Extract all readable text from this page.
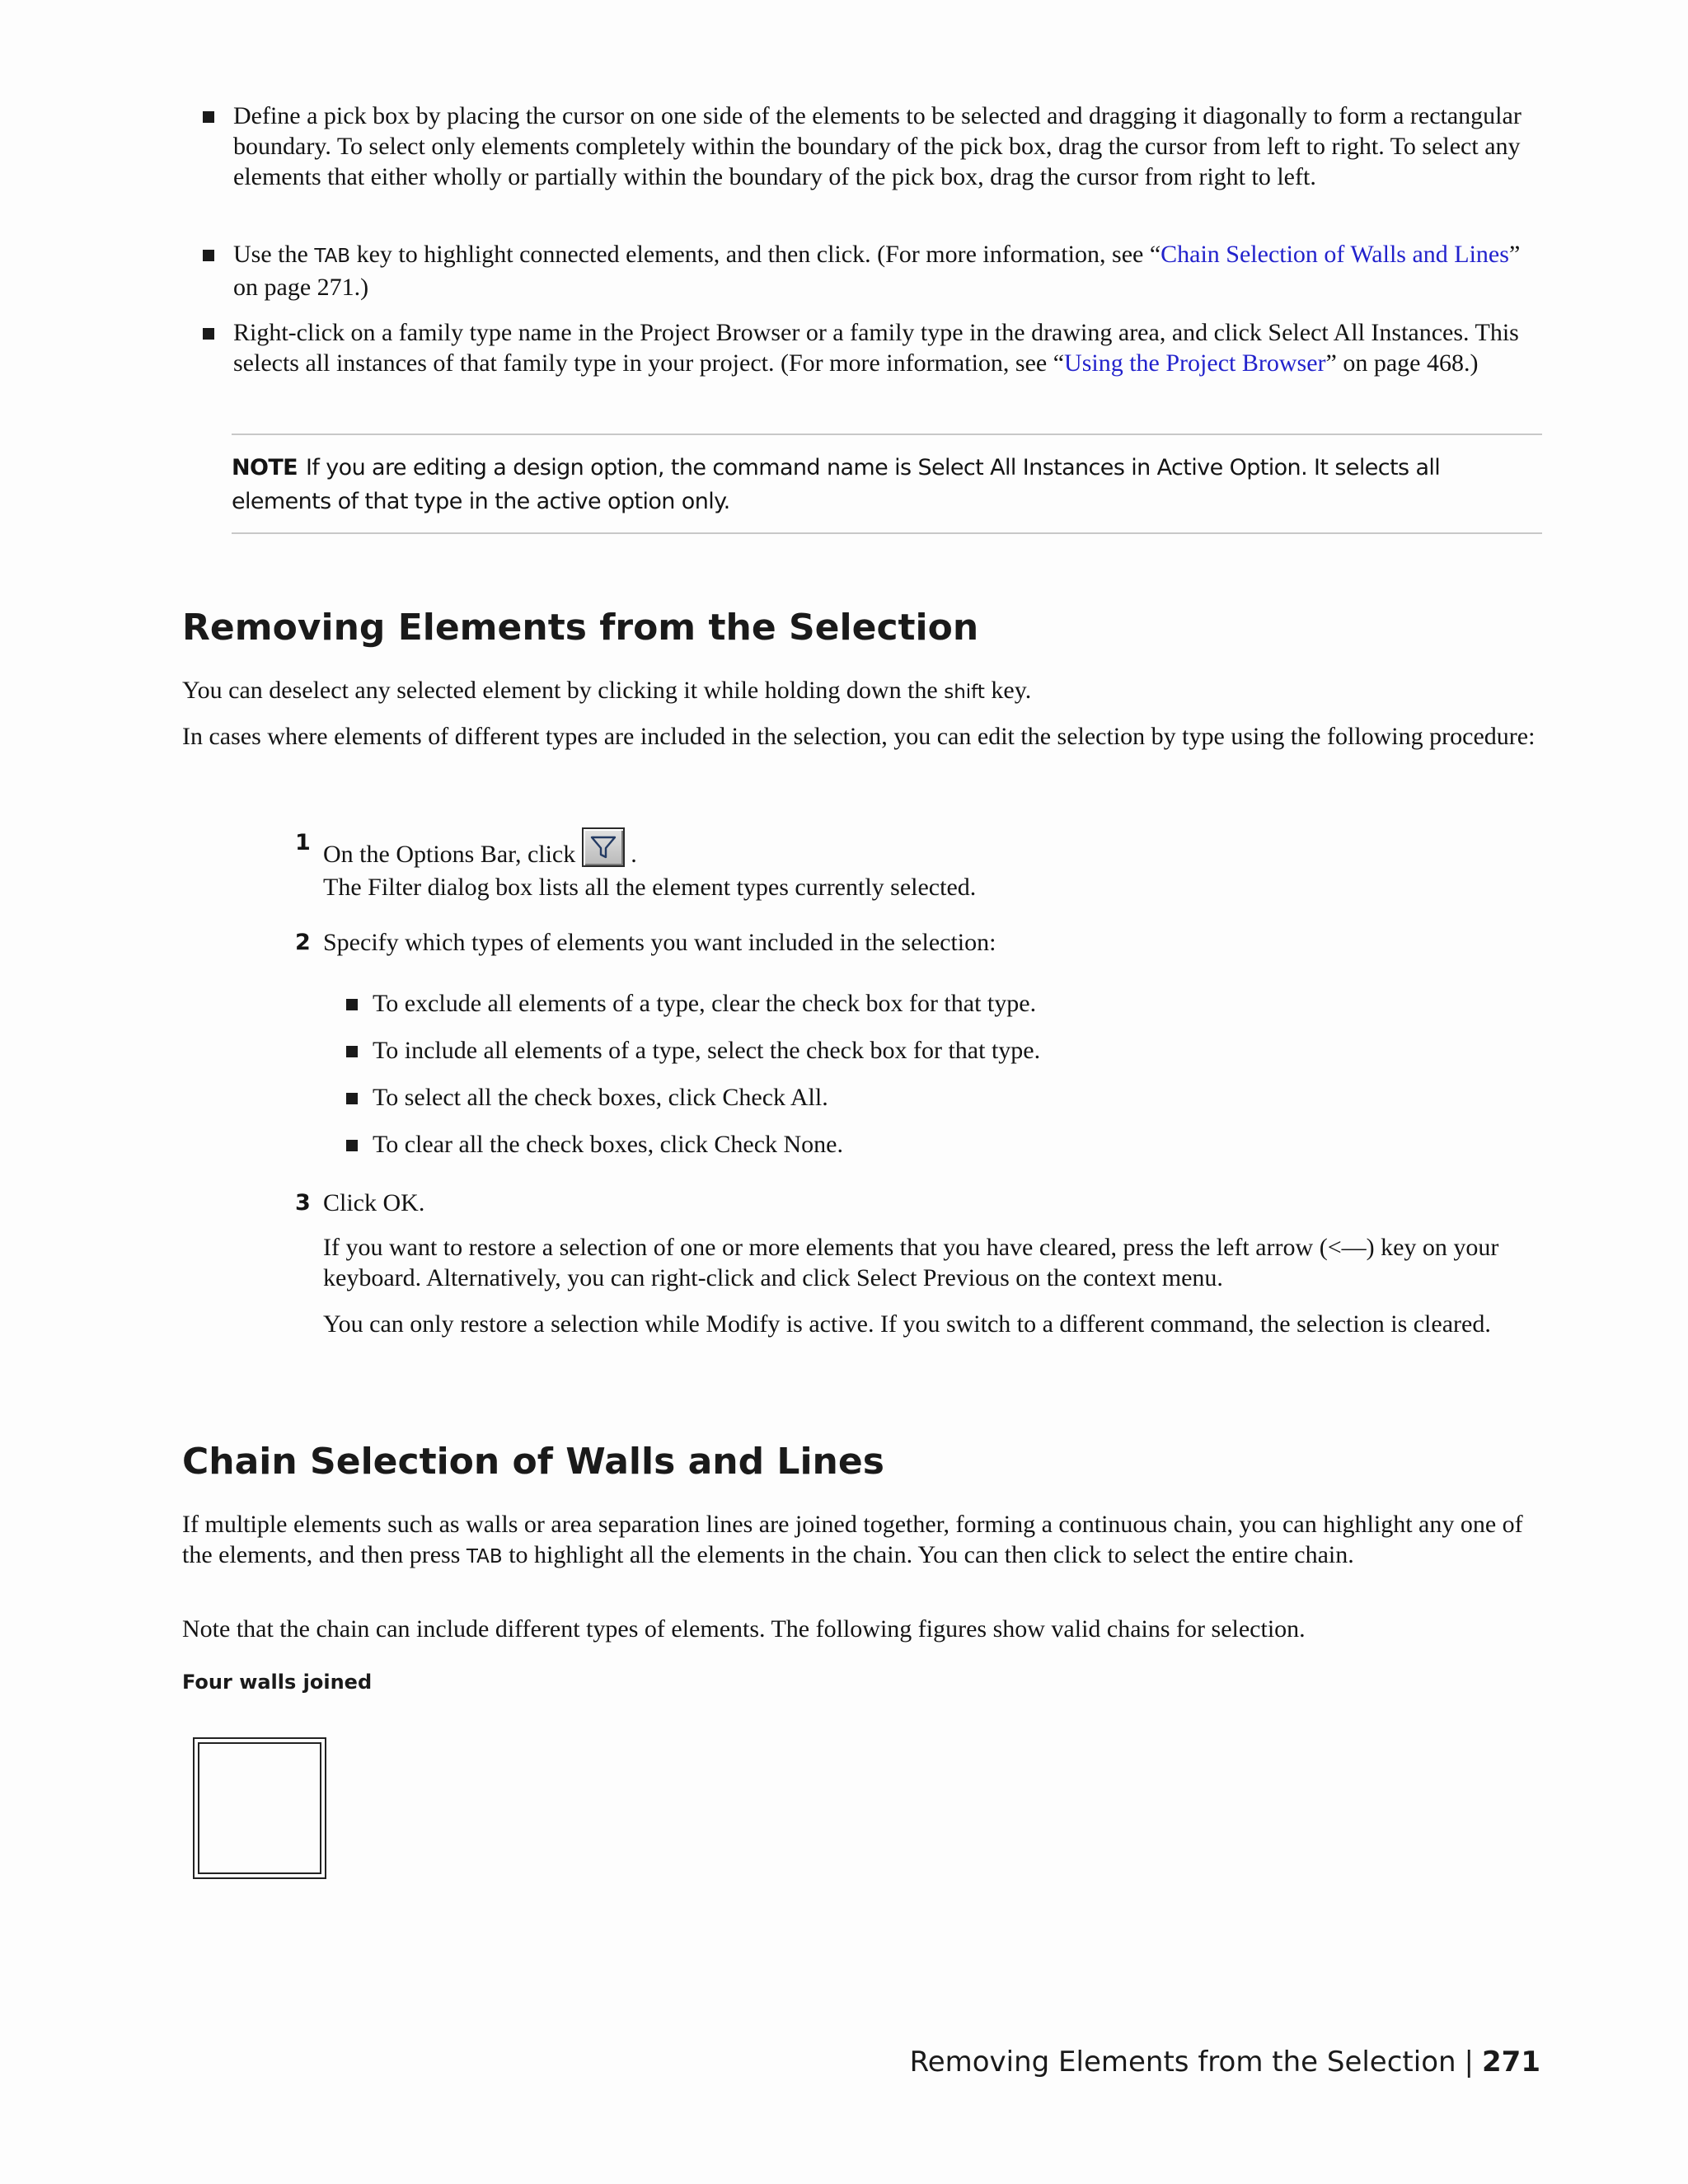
Define a pick box by placing the cursor on one side of the elements to be selected and dragging it diagonally to form a rectangular boundary. To select only elements completely within the boundary of the pick box, drag the cursor from left to right. To select any elements that either wholly or partially within the boundary of the pick box, drag the cursor from right to left.
Use the TAB key to highlight connected elements, and then click. (For more information, see “Chain Selection of Walls and Lines” on page 271.)
Right-click on a family type name in the Project Browser or a family type in the drawing area, and click Select All Instances. This selects all instances of that family type in your project. (For more information, see “Using the Project Browser” on page 468.)
NOTE If you are editing a design option, the command name is Select All Instances in Active Option. It selects all elements of that type in the active option only.
Removing Elements from the Selection

You can deselect any selected element by clicking it while holding down the shift key.

In cases where elements of different types are included in the selection, you can edit the selection by type using the following procedure:

1 On the Options Bar, click .

The Filter dialog box lists all the element types currently selected.

2 Specify which types of elements you want included in the selection:
To exclude all elements of a type, clear the check box for that type.
To include all elements of a type, select the check box for that type.
To select all the check boxes, click Check All.
To clear all the check boxes, click Check None.
3 Click OK.

If you want to restore a selection of one or more elements that you have cleared, press the left arrow (<—) key on your keyboard. Alternatively, you can right-click and click Select Previous on the context menu.

You can only restore a selection while Modify is active. If you switch to a different command, the selection is cleared.

Chain Selection of Walls and Lines

If multiple elements such as walls or area separation lines are joined together, forming a continuous chain, you can highlight any one of the elements, and then press TAB to highlight all the elements in the chain. You can then click to select the entire chain.

Note that the chain can include different types of elements. The following figures show valid chains for selection.

Four walls joined
Removing Elements from the Selection | 271
